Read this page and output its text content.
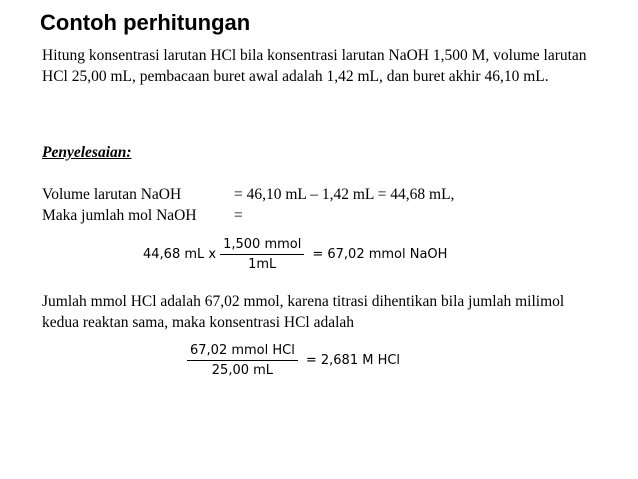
Contoh perhitungan

Hitung konsentrasi larutan HCl bila konsentrasi larutan NaOH 1,500 M, volume larutan HCl 25,00 mL, pembacaan buret awal adalah 1,42 mL, dan buret akhir 46,10 mL.

Penyelesaian:

Volume larutan NaOH	= 46,10 mL – 1,42 mL = 44,68 mL,
Maka jumlah mol NaOH =
44,68 mL x $\frac{\text{1,500 mmol}}{1mL} = 67,02$ mmol NaOH

Jumlah mmol HCl adalah 67,02 mmol, karena titrasi dihentikan bila jumlah milimol kedua reaktan sama, maka konsentrasi HCl adalah

$\frac{\text{67,02 mmol HCl}}{25,00 mL} = 2,681$ M HCl
